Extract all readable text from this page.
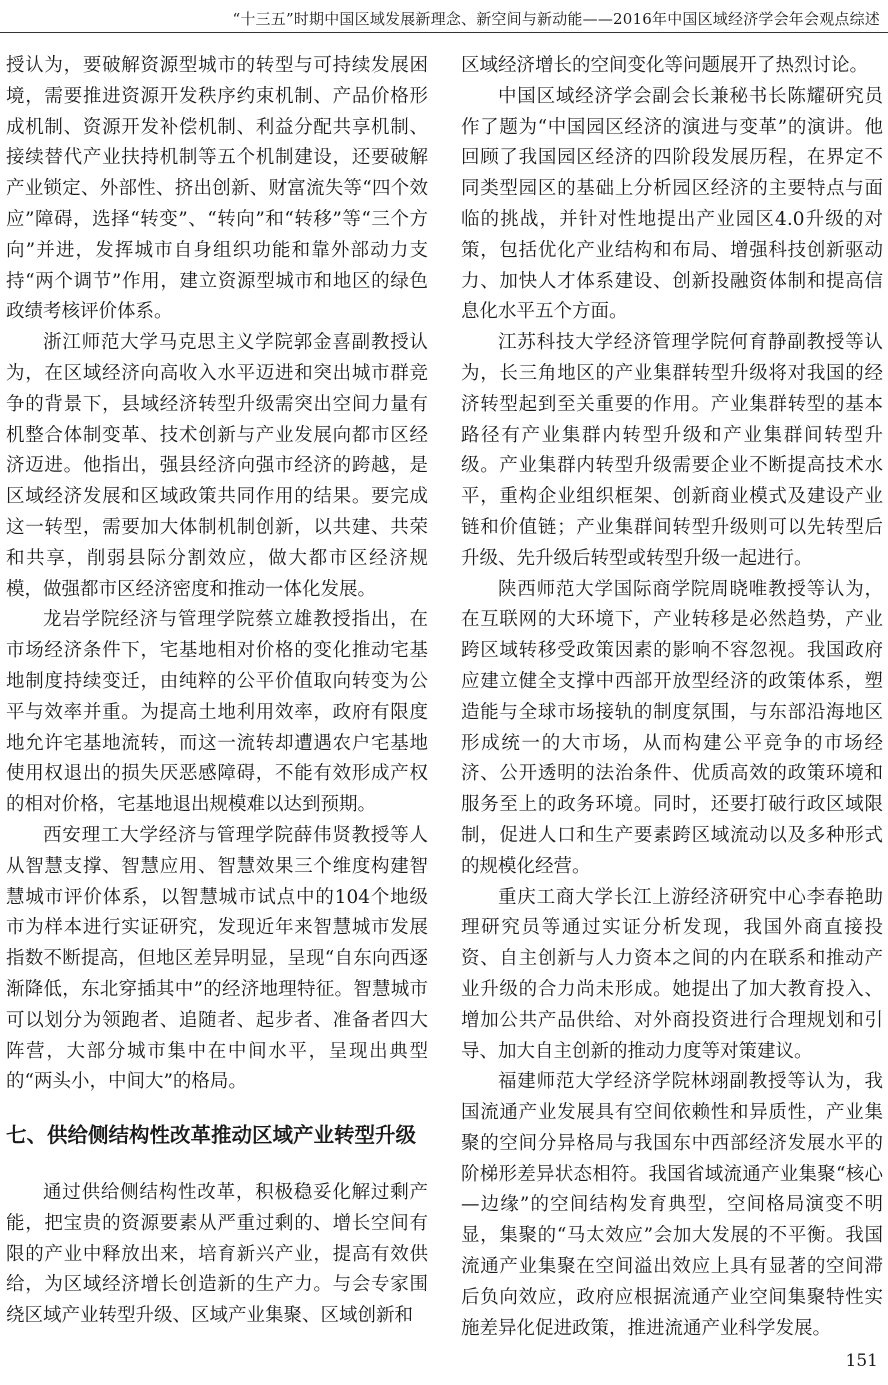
“十三五”时期中国区域发展新理念、新空间与新动能——2016年中国区域经济学会年会观点综述

授认为，要破解资源型城市的转型与可持续发展困境，需要推进资源开发秩序约束机制、产品价格形成机制、资源开发补偿机制、利益分配共享机制、接续替代产业扶持机制等五个机制建设，还要破解产业锁定、外部性、挤出创新、财富流失等“四个效应”障碍，选择“转变”、“转向”和“转移”等“三个方向”并进，发挥城市自身组织功能和靠外部动力支持“两个调节”作用，建立资源型城市和地区的绿色政绩考核评价体系。

浙江师范大学马克思主义学院郭金喜副教授认为，在区域经济向高收入水平迈进和突出城市群竞争的背景下，县域经济转型升级需突出空间力量有机整合体制变革、技术创新与产业发展向都市区经济迈进。他指出，强县经济向强市经济的跨越，是区域经济发展和区域政策共同作用的结果。要完成这一转型，需要加大体制机制创新，以共建、共荣和共享，削弱县际分割效应，做大都市区经济规模，做强都市区经济密度和推动一体化发展。

龙岩学院经济与管理学院蔡立雄教授指出，在市场经济条件下，宅基地相对价格的变化推动宅基地制度持续变迁，由纯粹的公平价值取向转变为公平与效率并重。为提高土地利用效率，政府有限度地允许宅基地流转，而这一流转却遭遇农户宅基地使用权退出的损失厌恶感障碍，不能有效形成产权的相对价格，宅基地退出规模难以达到预期。

西安理工大学经济与管理学院薛伟贤教授等人从智慧支撑、智慧应用、智慧效果三个维度构建智慧城市评价体系，以智慧城市试点中的104个地级市为样本进行实证研究，发现近年来智慧城市发展指数不断提高，但地区差异明显，呈现“自东向西逐渐降低，东北穿插其中”的经济地理特征。智慧城市可以划分为领跑者、追随者、起步者、准备者四大阵营，大部分城市集中在中间水平，呈现出典型的“两头小，中间大”的格局。

七、供给侧结构性改革推动区域产业转型升级

通过供给侧结构性改革，积极稳妥化解过剩产能，把宝贵的资源要素从严重过剩的、增长空间有限的产业中释放出来，培育新兴产业，提高有效供给，为区域经济增长创造新的生产力。与会专家围绕区域产业转型升级、区域产业集聚、区域创新和

区域经济增长的空间变化等问题展开了热烈讨论。

中国区域经济学会副会长兼秘书长陈耀研究员作了题为“中国园区经济的演进与变革”的演讲。他回顾了我国园区经济的四阶段发展历程，在界定不同类型园区的基础上分析园区经济的主要特点与面临的挑战，并针对性地提出产业园区4.0升级的对策，包括优化产业结构和布局、增强科技创新驱动力、加快人才体系建设、创新投融资体制和提高信息化水平五个方面。

江苏科技大学经济管理学院何育静副教授等认为，长三角地区的产业集群转型升级将对我国的经济转型起到至关重要的作用。产业集群转型的基本路径有产业集群内转型升级和产业集群间转型升级。产业集群内转型升级需要企业不断提高技术水平，重构企业组织框架、创新商业模式及建设产业链和价值链；产业集群间转型升级则可以先转型后升级、先升级后转型或转型升级一起进行。

陕西师范大学国际商学院周晓唯教授等认为，在互联网的大环境下，产业转移是必然趋势，产业跨区域转移受政策因素的影响不容忽视。我国政府应建立健全支撑中西部开放型经济的政策体系，塑造能与全球市场接轨的制度氛围，与东部沿海地区形成统一的大市场，从而构建公平竞争的市场经济、公开透明的法治条件、优质高效的政策环境和服务至上的政务环境。同时，还要打破行政区域限制，促进人口和生产要素跨区域流动以及多种形式的规模化经营。

重庆工商大学长江上游经济研究中心李春艳助理研究员等通过实证分析发现，我国外商直接投资、自主创新与人力资本之间的内在联系和推动产业升级的合力尚未形成。她提出了加大教育投入、增加公共产品供给、对外商投资进行合理规划和引导、加大自主创新的推动力度等对策建议。

福建师范大学经济学院林翊副教授等认为，我国流通产业发展具有空间依赖性和异质性，产业集聚的空间分异格局与我国东中西部经济发展水平的阶梯形差异状态相符。我国省域流通产业集聚“核心—边缘”的空间结构发育典型，空间格局演变不明显，集聚的“马太效应”会加大发展的不平衡。我国流通产业集聚在空间溢出效应上具有显著的空间滞后负向效应，政府应根据流通产业空间集聚特性实施差异化促进政策，推进流通产业科学发展。

151
